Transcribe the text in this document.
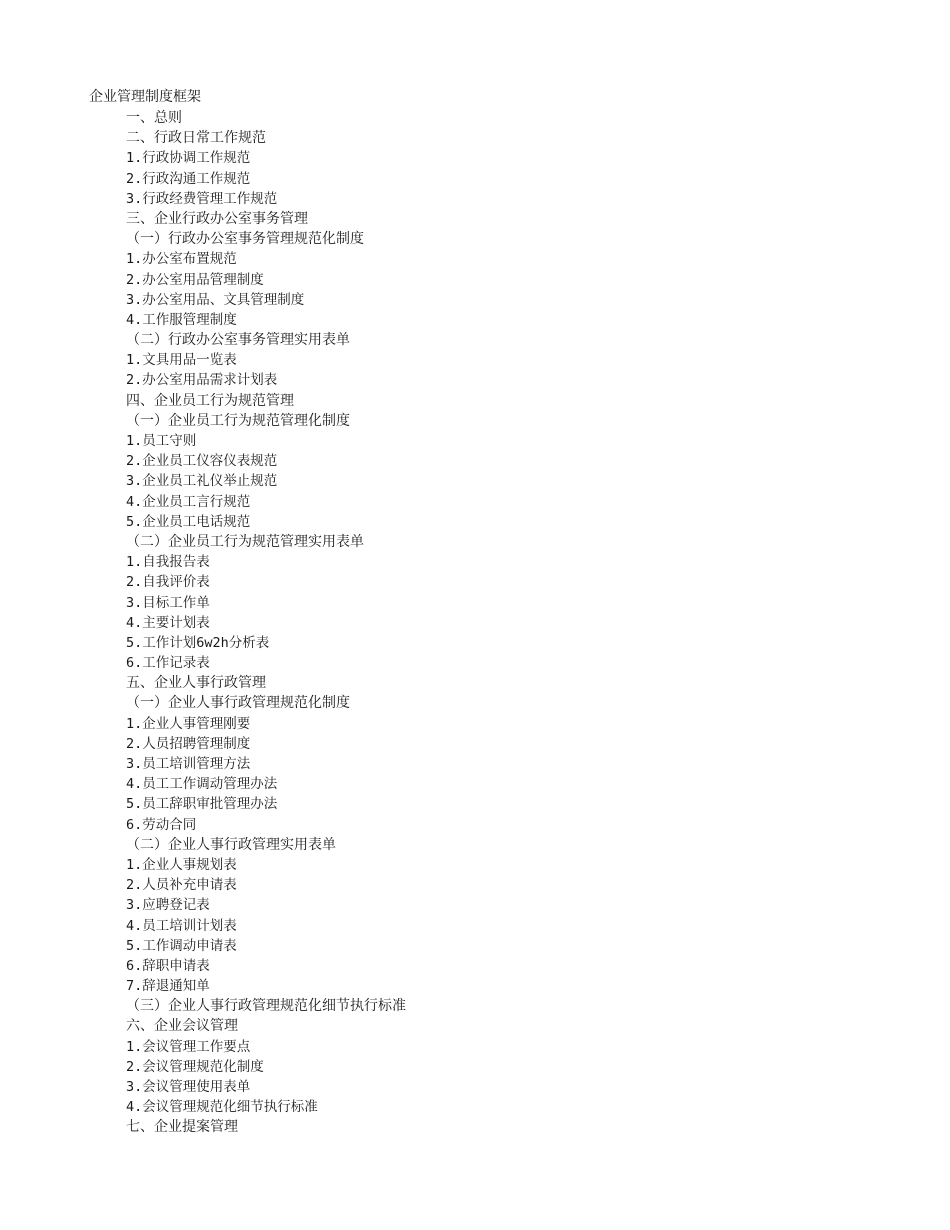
企业管理制度框架
一、总则
二、行政日常工作规范
1.行政协调工作规范
2.行政沟通工作规范
3.行政经费管理工作规范
三、企业行政办公室事务管理
（一）行政办公室事务管理规范化制度
1.办公室布置规范
2.办公室用品管理制度
3.办公室用品、文具管理制度
4.工作服管理制度
（二）行政办公室事务管理实用表单
1.文具用品一览表
2.办公室用品需求计划表
四、企业员工行为规范管理
（一）企业员工行为规范管理化制度
1.员工守则
2.企业员工仪容仪表规范
3.企业员工礼仪举止规范
4.企业员工言行规范
5.企业员工电话规范
（二）企业员工行为规范管理实用表单
1.自我报告表
2.自我评价表
3.目标工作单
4.主要计划表
5.工作计划6w2h分析表
6.工作记录表
五、企业人事行政管理
（一）企业人事行政管理规范化制度
1.企业人事管理刚要
2.人员招聘管理制度
3.员工培训管理方法
4.员工工作调动管理办法
5.员工辞职审批管理办法
6.劳动合同
（二）企业人事行政管理实用表单
1.企业人事规划表
2.人员补充申请表
3.应聘登记表
4.员工培训计划表
5.工作调动申请表
6.辞职申请表
7.辞退通知单
（三）企业人事行政管理规范化细节执行标准
六、企业会议管理
1.会议管理工作要点
2.会议管理规范化制度
3.会议管理使用表单
4.会议管理规范化细节执行标准
七、企业提案管理
